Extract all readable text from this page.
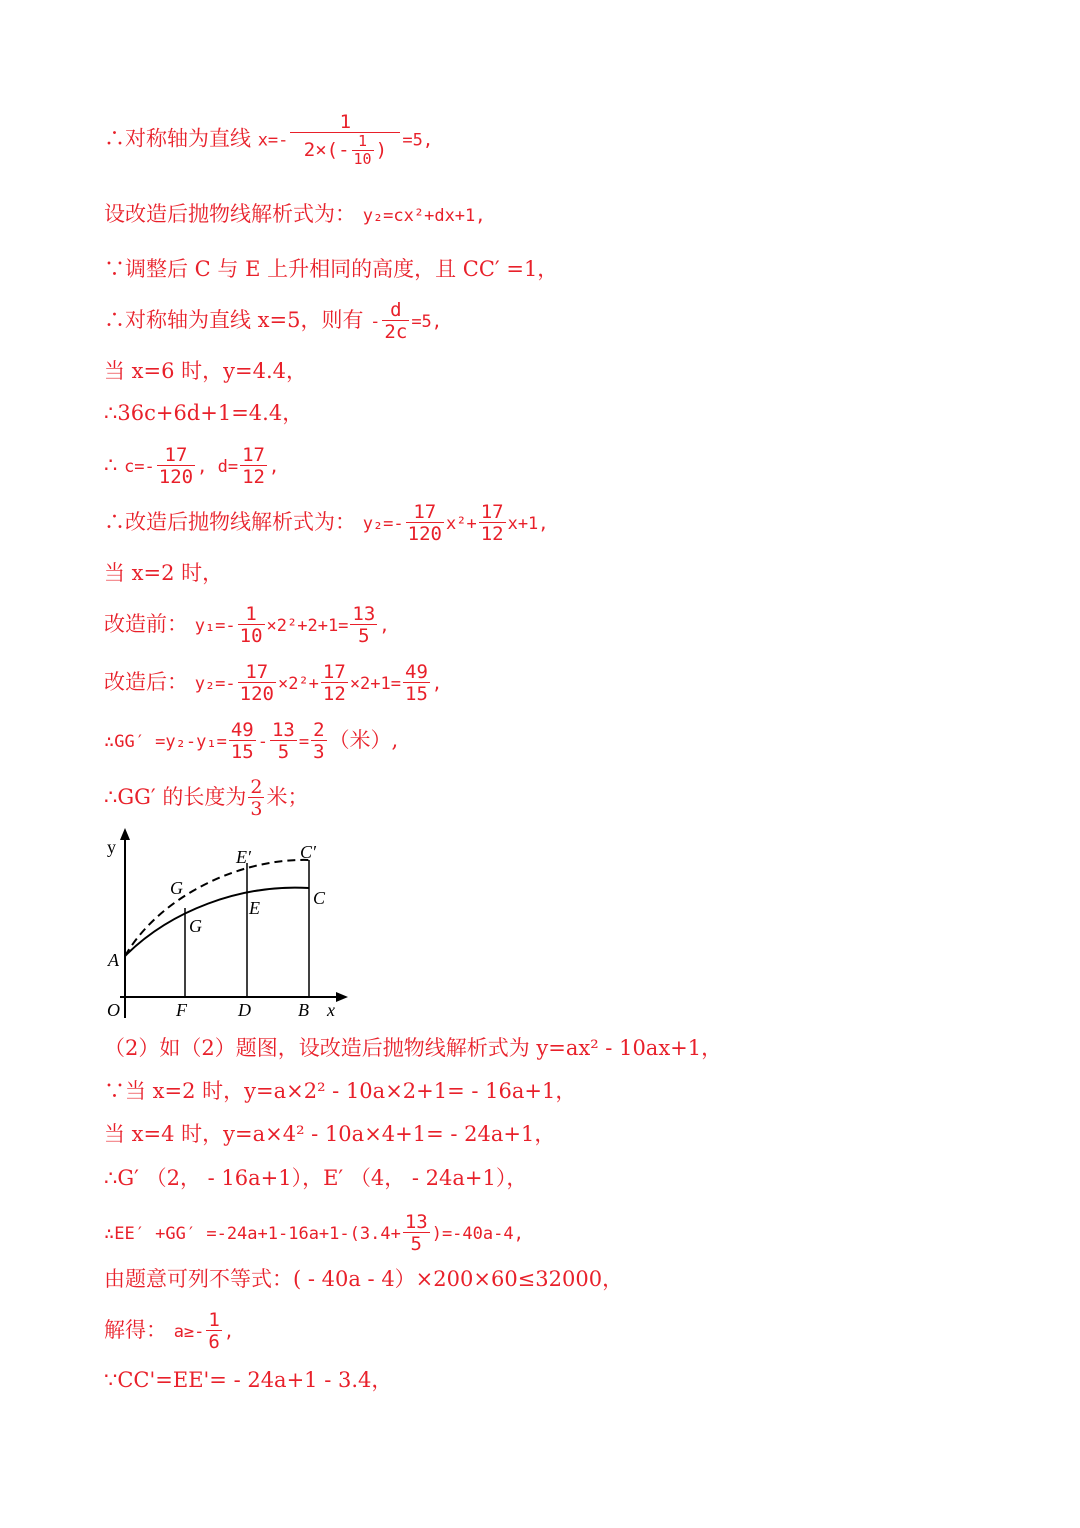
∴对称轴为直线 $x=- \frac{1}{2\times(- \frac{1}{10} )} =5$,
设改造后抛物线解析式为： y₂=cx²+dx+1,
∵调整后 C 与 E 上升相同的高度，且 CC′ =1，
∴对称轴为直线 x=5，则有 - $\frac{d}{2c} =5$,
当 x=6 时，y=4.4，
∴36c+6d+1=4.4，
∴ $c=- \frac{17}{120}$ , $d= \frac{17}{12}$ ,
∴改造后抛物线解析式为： $y_2=- \frac{17}{120} x^2+ \frac{17}{12} x+1$,
当 x=2 时，
改造前： $y_1=- \frac{1}{10} \times 2^2+2+1= \frac{13}{5}$ ,
改造后： $y_2=- \frac{17}{120} \times 2^2+ \frac{17}{12} \times 2+1= \frac{49}{15}$ ,
∴GG′ $=y_2-y_1= \frac{49}{15} - \frac{13}{5} = \frac{2}{3}$ （米）,
∴GG′ 的长度为 $\frac{2}{3}$ 米；
y
x
O
A
F	D	B
G
E	C
G
E′	C′
（2）如（2）题图，设改造后抛物线解析式为 y=ax² - 10ax+1，
∵当 x=2 时，y=a×2² - 10a×2+1= - 16a+1，
当 x=4 时，y=a×4² - 10a×4+1= - 24a+1，
∴G′ （2， - 16a+1），E′ （4， - 24a+1），
∴EE′ $+GG' =-24a+1-16a+1-(3.4+ \frac{13}{5} )=-40a-4$,
由题意可列不等式：( - 40a - 4）×200×60≤32000，
解得： $a\ge- \frac{1}{6}$ ,
∵CC'=EE'= - 24a+1 - 3.4，
